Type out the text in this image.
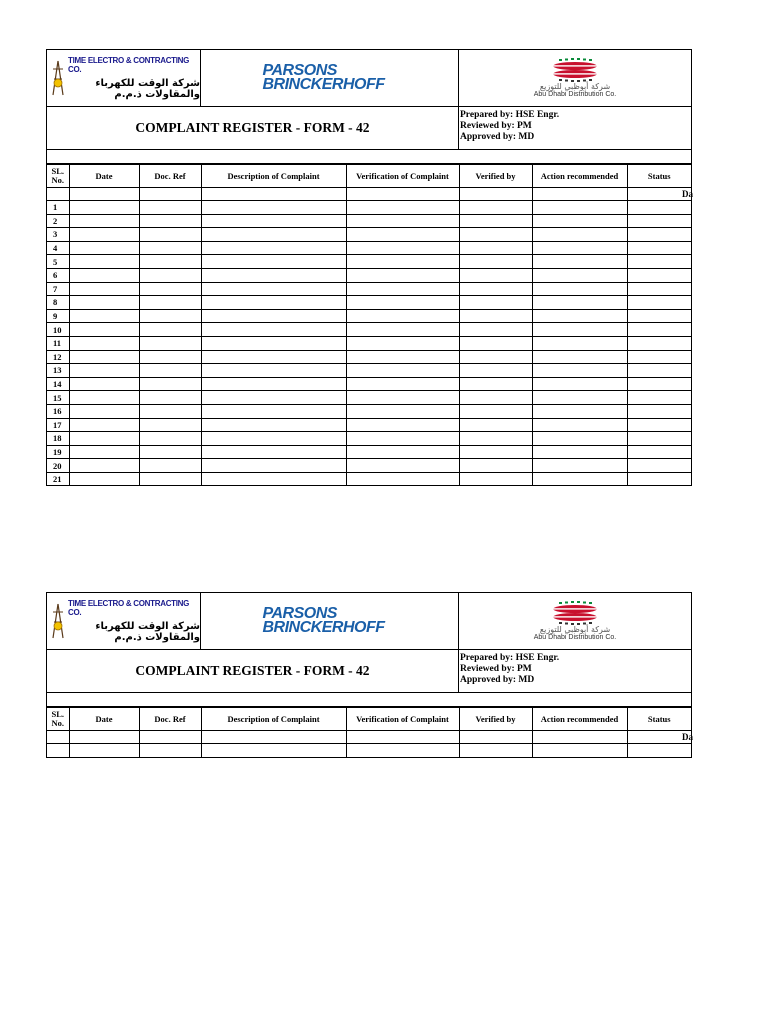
TIME ELECTRO & CONTRACTING CO.
شركة الوقت للكهرباء والمقاولات ذ.م.م
PARSONS
BRINCKERHOFF	شركة أبوظبي للتوزيع
Abu Dhabi Distribution Co.
COMPLAINT REGISTER - FORM - 42
Prepared by: HSE Engr.
Reviewed by: PM
Approved by: MD
SL. No.	Date	Doc. Ref	Description of Complaint	Verification of Complaint	Verified by	Action recommended	Status

							Da

1							
2							
3							
4							
5							
6							
7							
8							
9							
10							
11							
12							
13							
14							
15							
16							
17							
18							
19							
20							
21							
TIME ELECTRO & CONTRACTING CO.
شركة الوقت للكهرباء والمقاولات ذ.م.م
PARSONS
BRINCKERHOFF	شركة أبوظبي للتوزيع
Abu Dhabi Distribution Co.
COMPLAINT REGISTER - FORM - 42
Prepared by: HSE Engr.
Reviewed by: PM
Approved by: MD
SL. No.	Date	Doc. Ref	Description of Complaint	Verification of Complaint	Verified by	Action recommended	Status

							Da
